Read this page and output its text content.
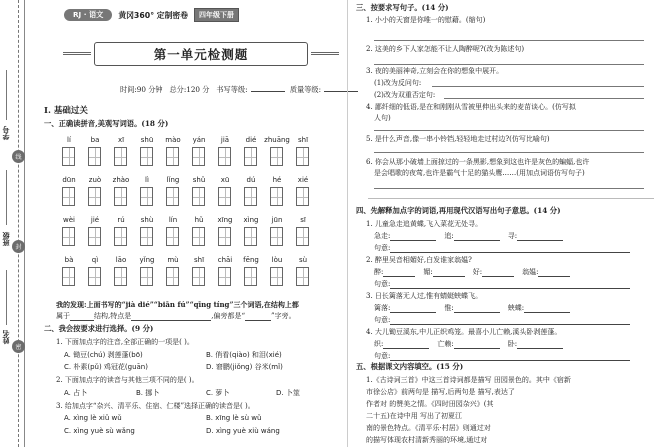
学号
班级
姓名
线
封
密
RJ · 语文	黄冈360° 定制密卷	四年级下册
第一单元检测题
时间:90 分钟 总分:120 分 书写等级:	质量等级:
Ⅰ. 基础过关
一、正确读拼音,美观写词语。(18 分)
lí	ba	xī	shū	mào	yán	jiā	dié	zhuāng	shī
dūn	zuò	zhào	lì	lǐng	shǔ	xū	dú	hé	xié
wèi	jié	rú	shù	lín	hǔ	xīng	xìng	jūn	sī
bà	qì	lāo	yǐng	mù	shī	chāi	fēng	lòu	sù
我的发现:上面书写的“jià dié”“biān fú”“qīng tíng”三个词语,在结构上都
属于	结构,特点是	,偏旁都是“	”字旁。
二、我会按要求进行选择。(9 分)
1. 下面加点字的注音,全部正确的一项是( )。
A. 锄豆(chú) 剥莲蓬(bō)	B. 俏看(qiào) 和泪(xié)
C. 朴素(pǔ) 鸡冠花(guān)	D. 窘鹏(jiǒng) 谷米(mǐ)
2. 下面加点字的读音与其他三项不同的是( )。
A. 占卜	B. 挪卜	C. 萝卜	D. 卜筮
3. 给加点字“杂兴、清平乐、住宿、仁楼”选择正确的读音是( )。
A. xìng lè xiǔ wǔ	B. xīng lè sù wǔ
C. xìng yuè sù wǎng	D. xìng yuè xiù wáng
三、按要求写句子。(14 分)
1. 小小的天窗是你唯一的慰藉。(缩句)
2. 这美的乡下人家怎能不让人陶醉呢?(改为陈述句)
3. 夜的美丽神奇,立刻会在你的想象中展开。
(1)改为反问句:
(2)改为双重否定句:
4. 鄙纤细的低语,是在和刚刚从雪被里伸出头来的麦苗谈心。(仿写拟
人句)
5. 是什么声音,像一串小铃铛,轻轻地走过村边?(仿写比喻句)
6. 你会从那小破墙上面掠过的一条黑影,想象到这也许是灰色的蝙蝠,也许
是会唱歌的夜莺,也许是霸气十足的猫头鹰……(用加点词语仿写句子)
四、先解释加点字的词语,再用现代汉语写出句子意思。(14 分)
1. 儿童急走追黄蝶,飞入菜花无处寻。
急走:	追:	寻:
句意:
2. 醉里吴音相媚好,白发谁家翁媪?
醉:	媚:	好:	翁媪:
句意:
3. 日长篱落无人过,惟有蜻蜓蛱蝶飞。
篱落:	惟:	蛱蝶:
句意:
4. 大儿锄豆溪东,中儿正织鸡笼。最喜小儿亡赖,溪头卧剥莲蓬。
织:	亡赖:	卧:
句意:
五、根据课文内容填空。(15 分)
1.《古诗词三首》中这三首诗词都是描写 田园景色的。其中《宿新
市徐公店》前两句是 描写,后两句是 描写,表达了
作者对 的赞美之情。《四时田园杂兴》(其
二十五)在诗中用 写出了初夏江
南的景色特点。《清平乐·村居》则通过对
的描写体现农村清新秀丽的环境,通过对
